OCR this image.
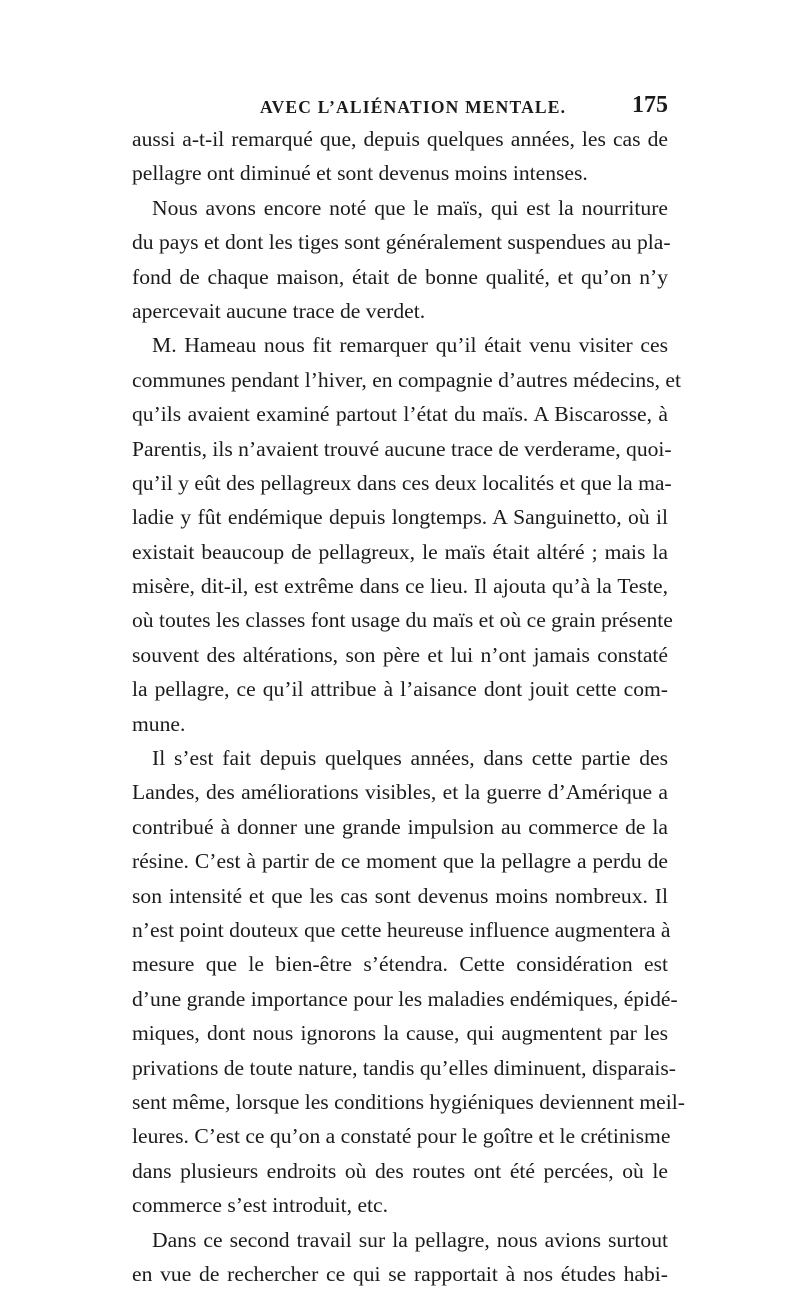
AVEC L’ALIÉNATION MENTALE.	175
aussi a-t-il remarqué que, depuis quelques années, les cas de
pellagre ont diminué et sont devenus moins intenses.
Nous avons encore noté que le maïs, qui est la nourriture
du pays et dont les tiges sont généralement suspendues au pla-
fond de chaque maison, était de bonne qualité, et qu’on n’y
apercevait aucune trace de verdet.
M. Hameau nous fit remarquer qu’il était venu visiter ces
communes pendant l’hiver, en compagnie d’autres médecins, et
qu’ils avaient examiné partout l’état du maïs. A Biscarosse, à
Parentis, ils n’avaient trouvé aucune trace de verderame, quoi-
qu’il y eût des pellagreux dans ces deux localités et que la ma-
ladie y fût endémique depuis longtemps. A Sanguinetto, où il
existait beaucoup de pellagreux, le maïs était altéré ; mais la
misère, dit-il, est extrême dans ce lieu. Il ajouta qu’à la Teste,
où toutes les classes font usage du maïs et où ce grain présente
souvent des altérations, son père et lui n’ont jamais constaté
la pellagre, ce qu’il attribue à l’aisance dont jouit cette com-
mune.
Il s’est fait depuis quelques années, dans cette partie des
Landes, des améliorations visibles, et la guerre d’Amérique a
contribué à donner une grande impulsion au commerce de la
résine. C’est à partir de ce moment que la pellagre a perdu de
son intensité et que les cas sont devenus moins nombreux. Il
n’est point douteux que cette heureuse influence augmentera à
mesure que le bien-être s’étendra. Cette considération est
d’une grande importance pour les maladies endémiques, épidé-
miques, dont nous ignorons la cause, qui augmentent par les
privations de toute nature, tandis qu’elles diminuent, disparais-
sent même, lorsque les conditions hygiéniques deviennent meil-
leures. C’est ce qu’on a constaté pour le goître et le crétinisme
dans plusieurs endroits où des routes ont été percées, où le
commerce s’est introduit, etc.
Dans ce second travail sur la pellagre, nous avions surtout
en vue de rechercher ce qui se rapportait à nos études habi-
